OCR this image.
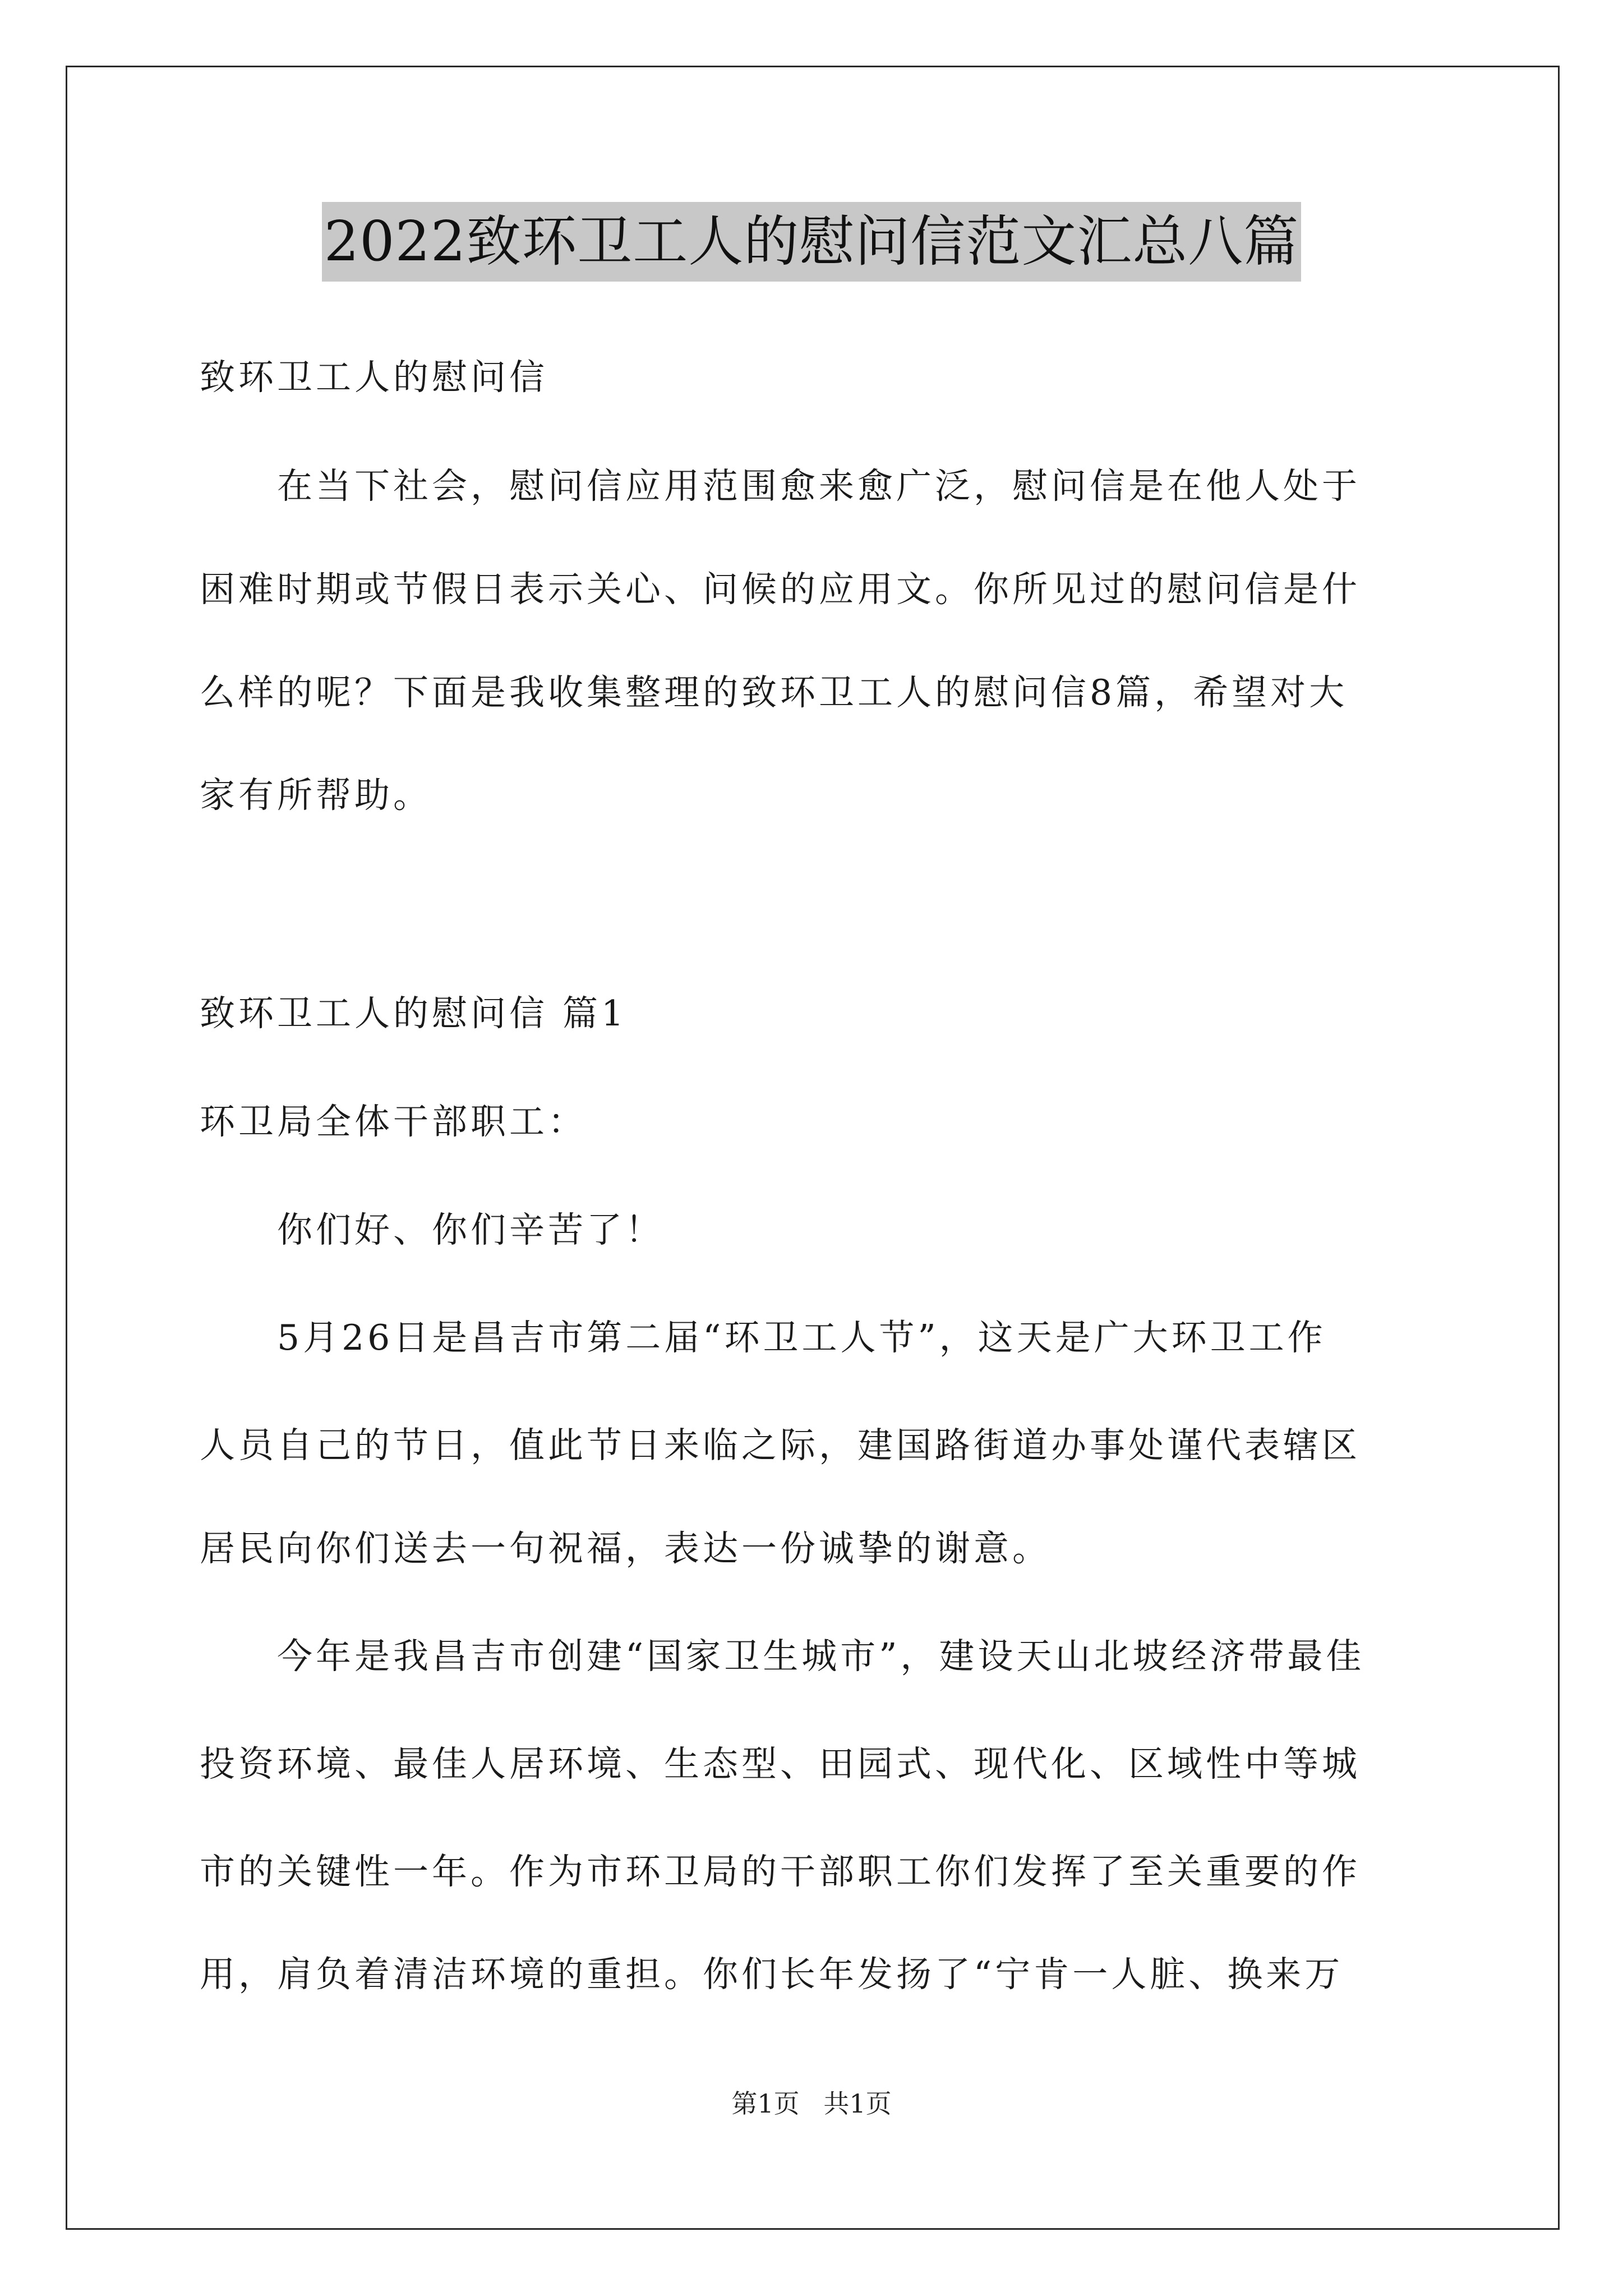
2022致环卫工人的慰问信范文汇总八篇
致环卫工人的慰问信
　　在当下社会，慰问信应用范围愈来愈广泛，慰问信是在他人处于
困难时期或节假日表示关心、问候的应用文。你所见过的慰问信是什
么样的呢？下面是我收集整理的致环卫工人的慰问信8篇，希望对大
家有所帮助。
致环卫工人的慰问信 篇1
环卫局全体干部职工：
　　你们好、你们辛苦了！
　　5月26日是昌吉市第二届“环卫工人节”，这天是广大环卫工作
人员自己的节日，值此节日来临之际，建国路街道办事处谨代表辖区
居民向你们送去一句祝福，表达一份诚挚的谢意。
　　今年是我昌吉市创建“国家卫生城市”，建设天山北坡经济带最佳
投资环境、最佳人居环境、生态型、田园式、现代化、区域性中等城
市的关键性一年。作为市环卫局的干部职工你们发挥了至关重要的作
用，肩负着清洁环境的重担。你们长年发扬了“宁肯一人脏、换来万
第1页 共1页
